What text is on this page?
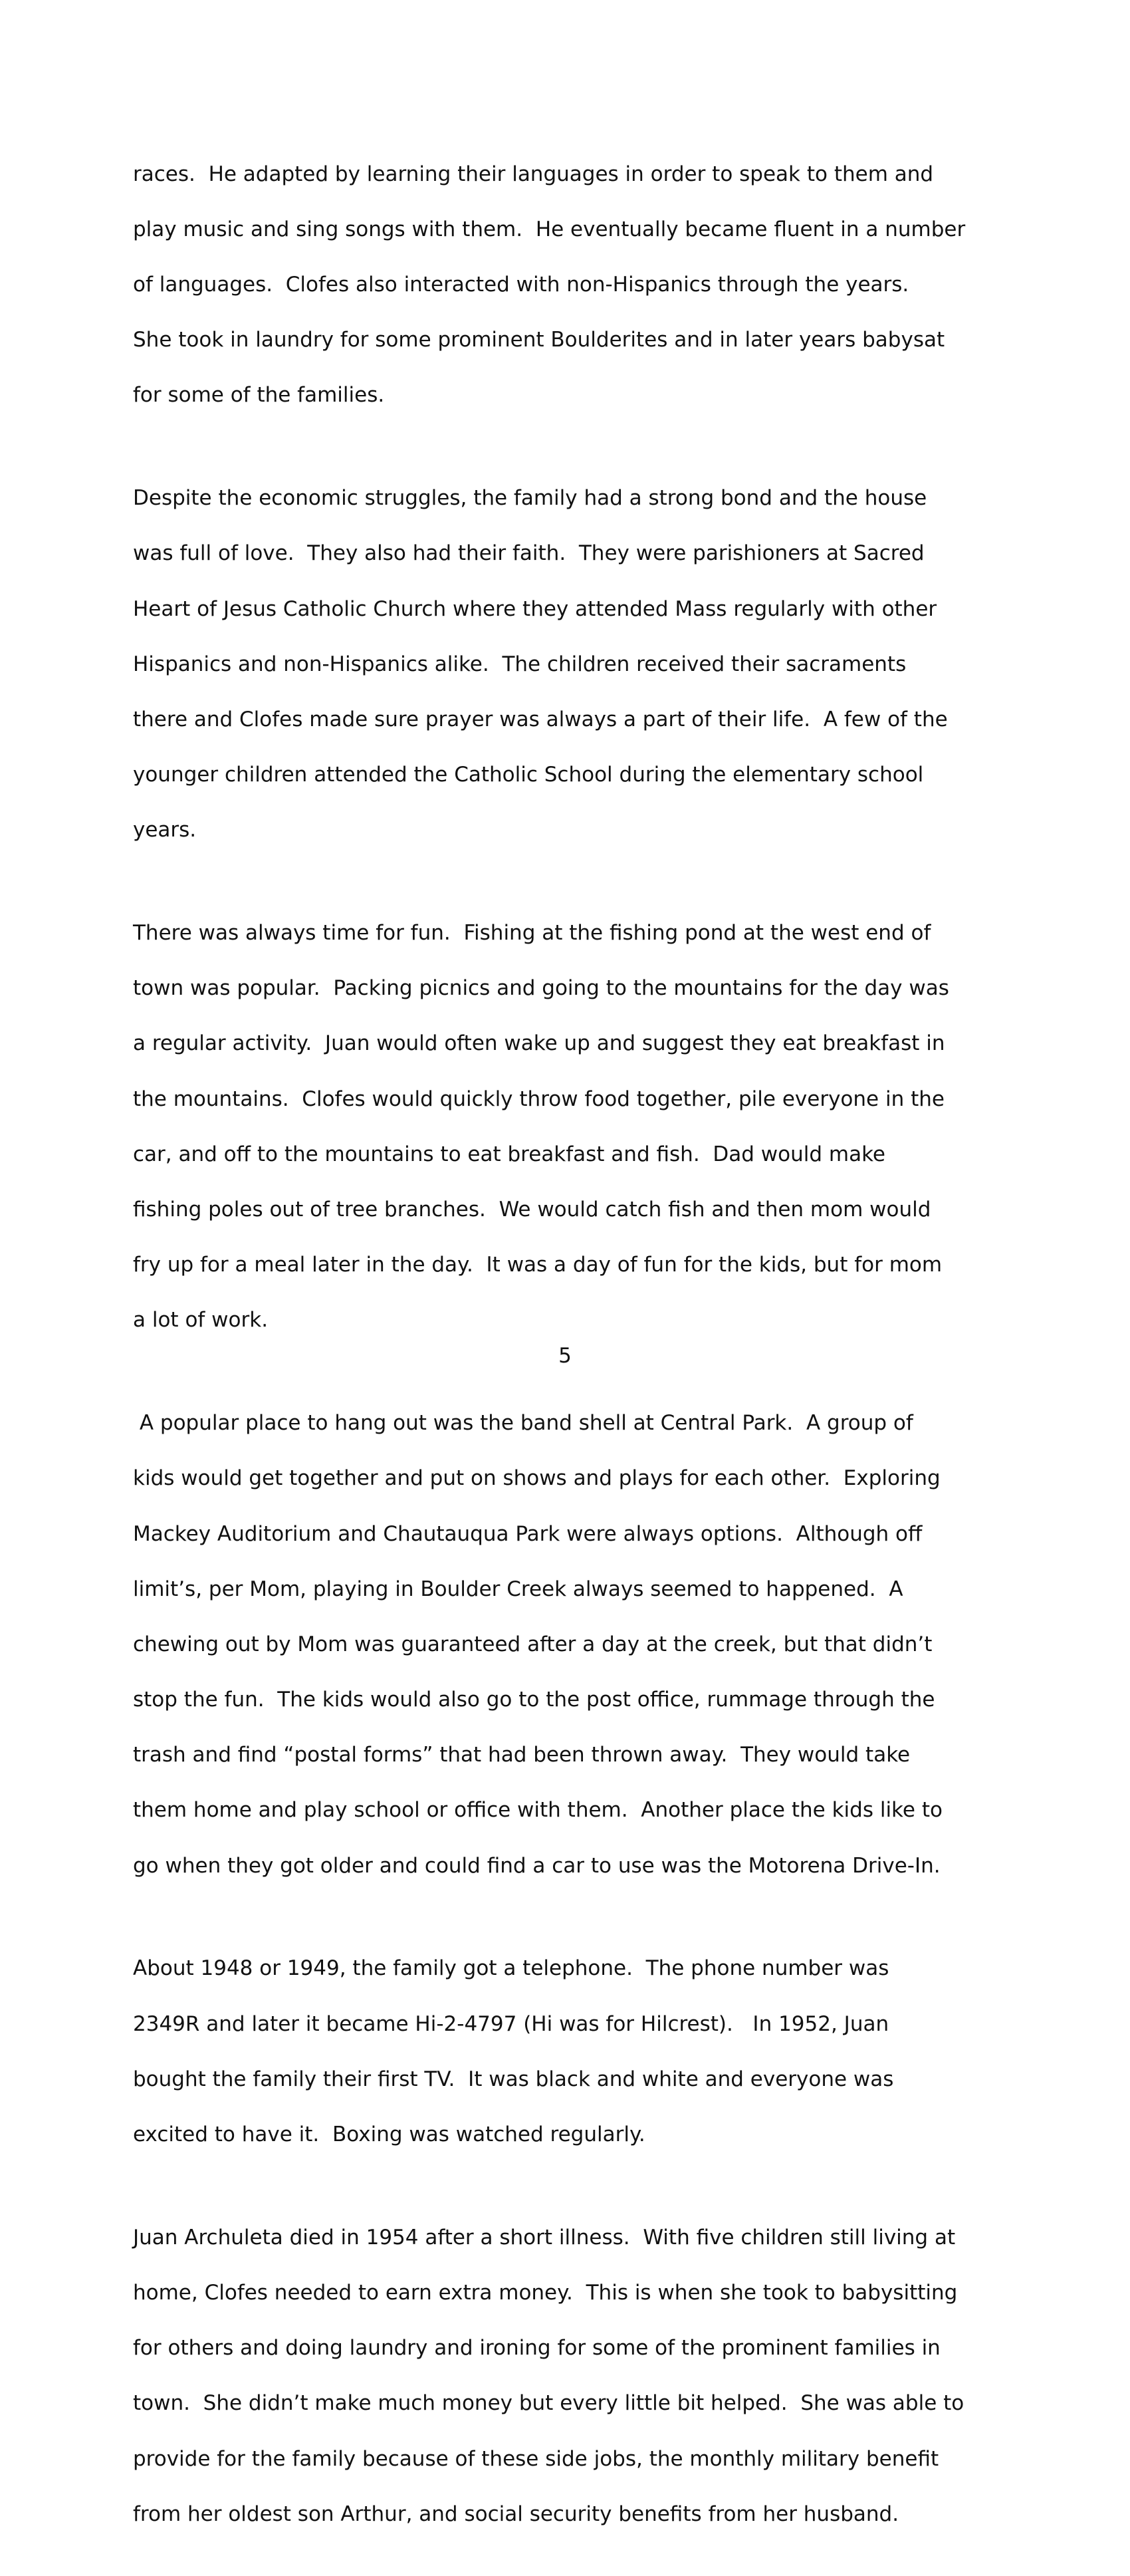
races.  He adapted by learning their languages in order to speak to them and

play music and sing songs with them.  He eventually became fluent in a number

of languages.  Clofes also interacted with non-Hispanics through the years.

She took in laundry for some prominent Boulderites and in later years babysat

for some of the families.

Despite the economic struggles, the family had a strong bond and the house

was full of love.  They also had their faith.  They were parishioners at Sacred

Heart of Jesus Catholic Church where they attended Mass regularly with other

Hispanics and non-Hispanics alike.  The children received their sacraments

there and Clofes made sure prayer was always a part of their life.  A few of the

younger children attended the Catholic School during the elementary school

years.

There was always time for fun.  Fishing at the fishing pond at the west end of

town was popular.  Packing picnics and going to the mountains for the day was

a regular activity.  Juan would often wake up and suggest they eat breakfast in

the mountains.  Clofes would quickly throw food together, pile everyone in the

car, and off to the mountains to eat breakfast and fish.  Dad would make

fishing poles out of tree branches.  We would catch fish and then mom would

fry up for a meal later in the day.  It was a day of fun for the kids, but for mom

a lot of work.

A popular place to hang out was the band shell at Central Park.  A group of

kids would get together and put on shows and plays for each other.  Exploring

Mackey Auditorium and Chautauqua Park were always options.  Although off

limit’s, per Mom, playing in Boulder Creek always seemed to happened.  A

chewing out by Mom was guaranteed after a day at the creek, but that didn’t

stop the fun.  The kids would also go to the post office, rummage through the

trash and find “postal forms” that had been thrown away.  They would take

them home and play school or office with them.  Another place the kids like to

go when they got older and could find a car to use was the Motorena Drive-In.

About 1948 or 1949, the family got a telephone.  The phone number was

2349R and later it became Hi-2-4797 (Hi was for Hilcrest).   In 1952, Juan

bought the family their first TV.  It was black and white and everyone was

excited to have it.  Boxing was watched regularly.

Juan Archuleta died in 1954 after a short illness.  With five children still living at

home, Clofes needed to earn extra money.  This is when she took to babysitting

for others and doing laundry and ironing for some of the prominent families in

town.  She didn’t make much money but every little bit helped.  She was able to

provide for the family because of these side jobs, the monthly military benefit

from her oldest son Arthur, and social security benefits from her husband.

5
